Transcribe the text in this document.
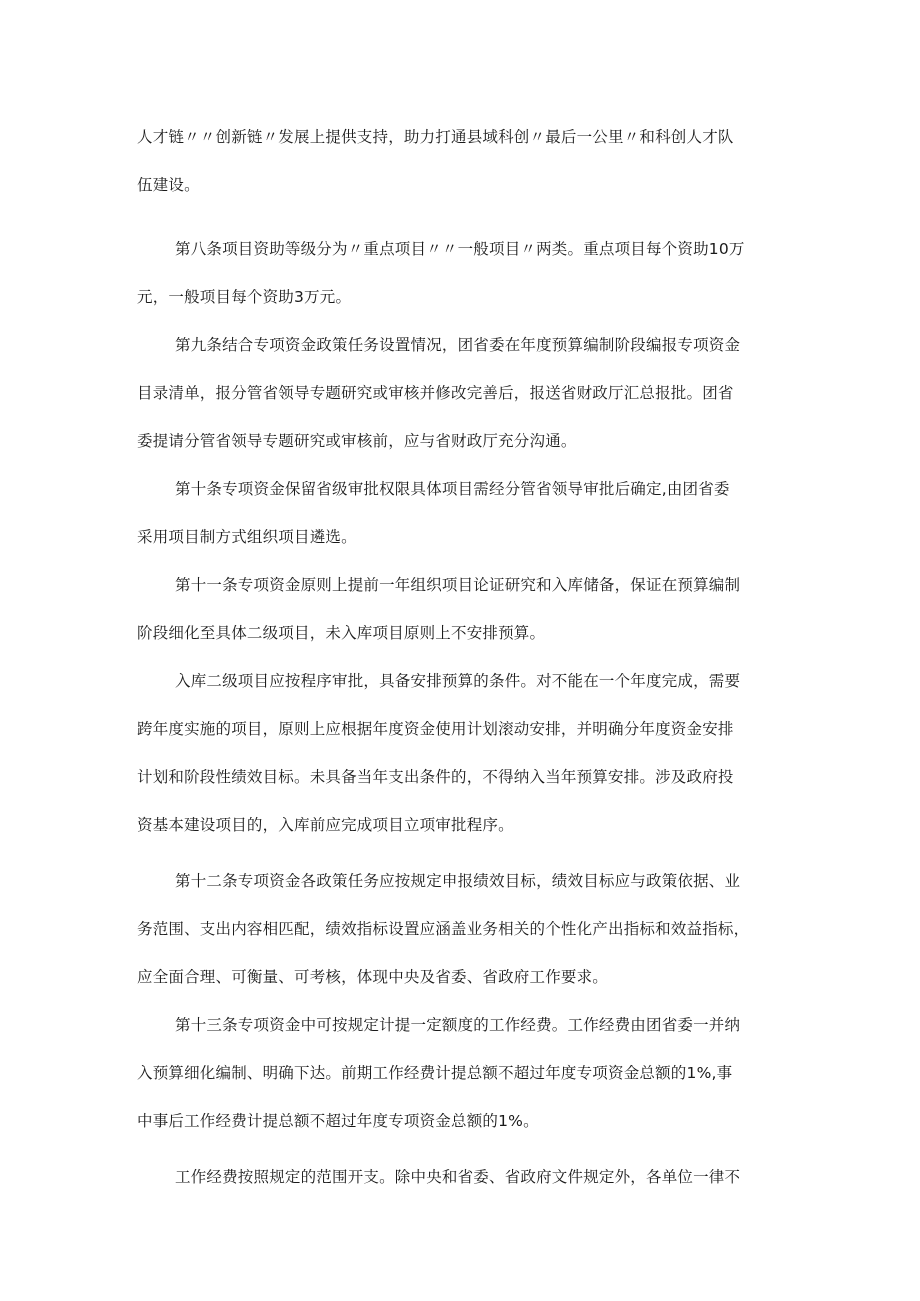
人才链〃〃创新链〃发展上提供支持，助力打通县域科创〃最后一公里〃和科创人才队

伍建设。

第八条项目资助等级分为〃重点项目〃〃一般项目〃两类。重点项目每个资助10万

元，一般项目每个资助3万元。

第九条结合专项资金政策任务设置情况，团省委在年度预算编制阶段编报专项资金

目录清单，报分管省领导专题研究或审核并修改完善后，报送省财政厅汇总报批。团省

委提请分管省领导专题研究或审核前，应与省财政厅充分沟通。

第十条专项资金保留省级审批权限具体项目需经分管省领导审批后确定,由团省委

采用项目制方式组织项目遴选。

第十一条专项资金原则上提前一年组织项目论证研究和入库储备，保证在预算编制

阶段细化至具体二级项目，未入库项目原则上不安排预算。

入库二级项目应按程序审批，具备安排预算的条件。对不能在一个年度完成，需要

跨年度实施的项目，原则上应根据年度资金使用计划滚动安排，并明确分年度资金安排

计划和阶段性绩效目标。未具备当年支出条件的，不得纳入当年预算安排。涉及政府投

资基本建设项目的，入库前应完成项目立项审批程序。

第十二条专项资金各政策任务应按规定申报绩效目标，绩效目标应与政策依据、业

务范围、支出内容相匹配，绩效指标设置应涵盖业务相关的个性化产出指标和效益指标，

应全面合理、可衡量、可考核，体现中央及省委、省政府工作要求。

第十三条专项资金中可按规定计提一定额度的工作经费。工作经费由团省委一并纳

入预算细化编制、明确下达。前期工作经费计提总额不超过年度专项资金总额的1%,事

中事后工作经费计提总额不超过年度专项资金总额的1%。

工作经费按照规定的范围开支。除中央和省委、省政府文件规定外，各单位一律不
